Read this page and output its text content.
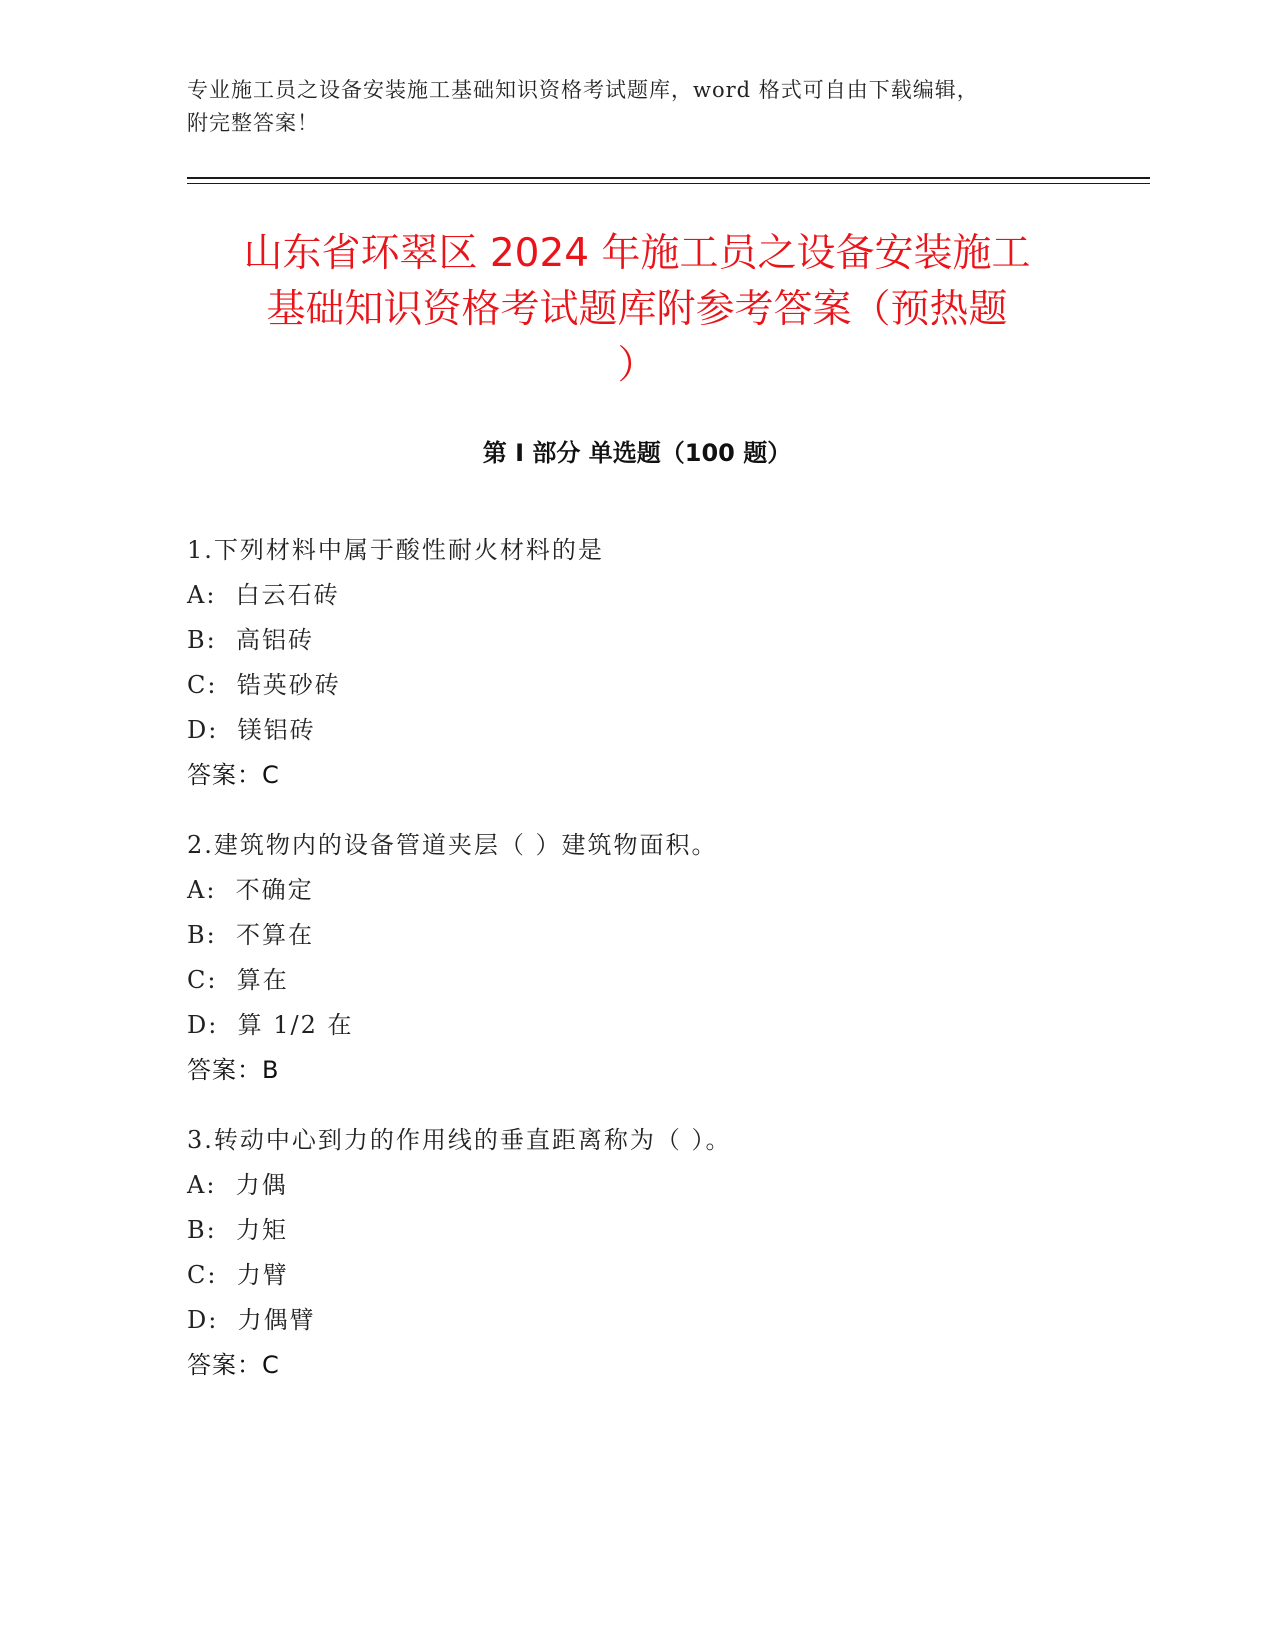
专业施工员之设备安装施工基础知识资格考试题库，word 格式可自由下载编辑，
附完整答案！
山东省环翠区 2024 年施工员之设备安装施工
基础知识资格考试题库附参考答案（预热题
）
第 I 部分 单选题（100 题）
1.下列材料中属于酸性耐火材料的是
A:  白云石砖
B:  高铝砖
C:  锆英砂砖
D:  镁铝砖
答案：C
2.建筑物内的设备管道夹层（ ）建筑物面积。
A:  不确定
B:  不算在
C:  算在
D:  算 1/2 在
答案：B
3.转动中心到力的作用线的垂直距离称为（ ）。
A:  力偶
B:  力矩
C:  力臂
D:  力偶臂
答案：C
